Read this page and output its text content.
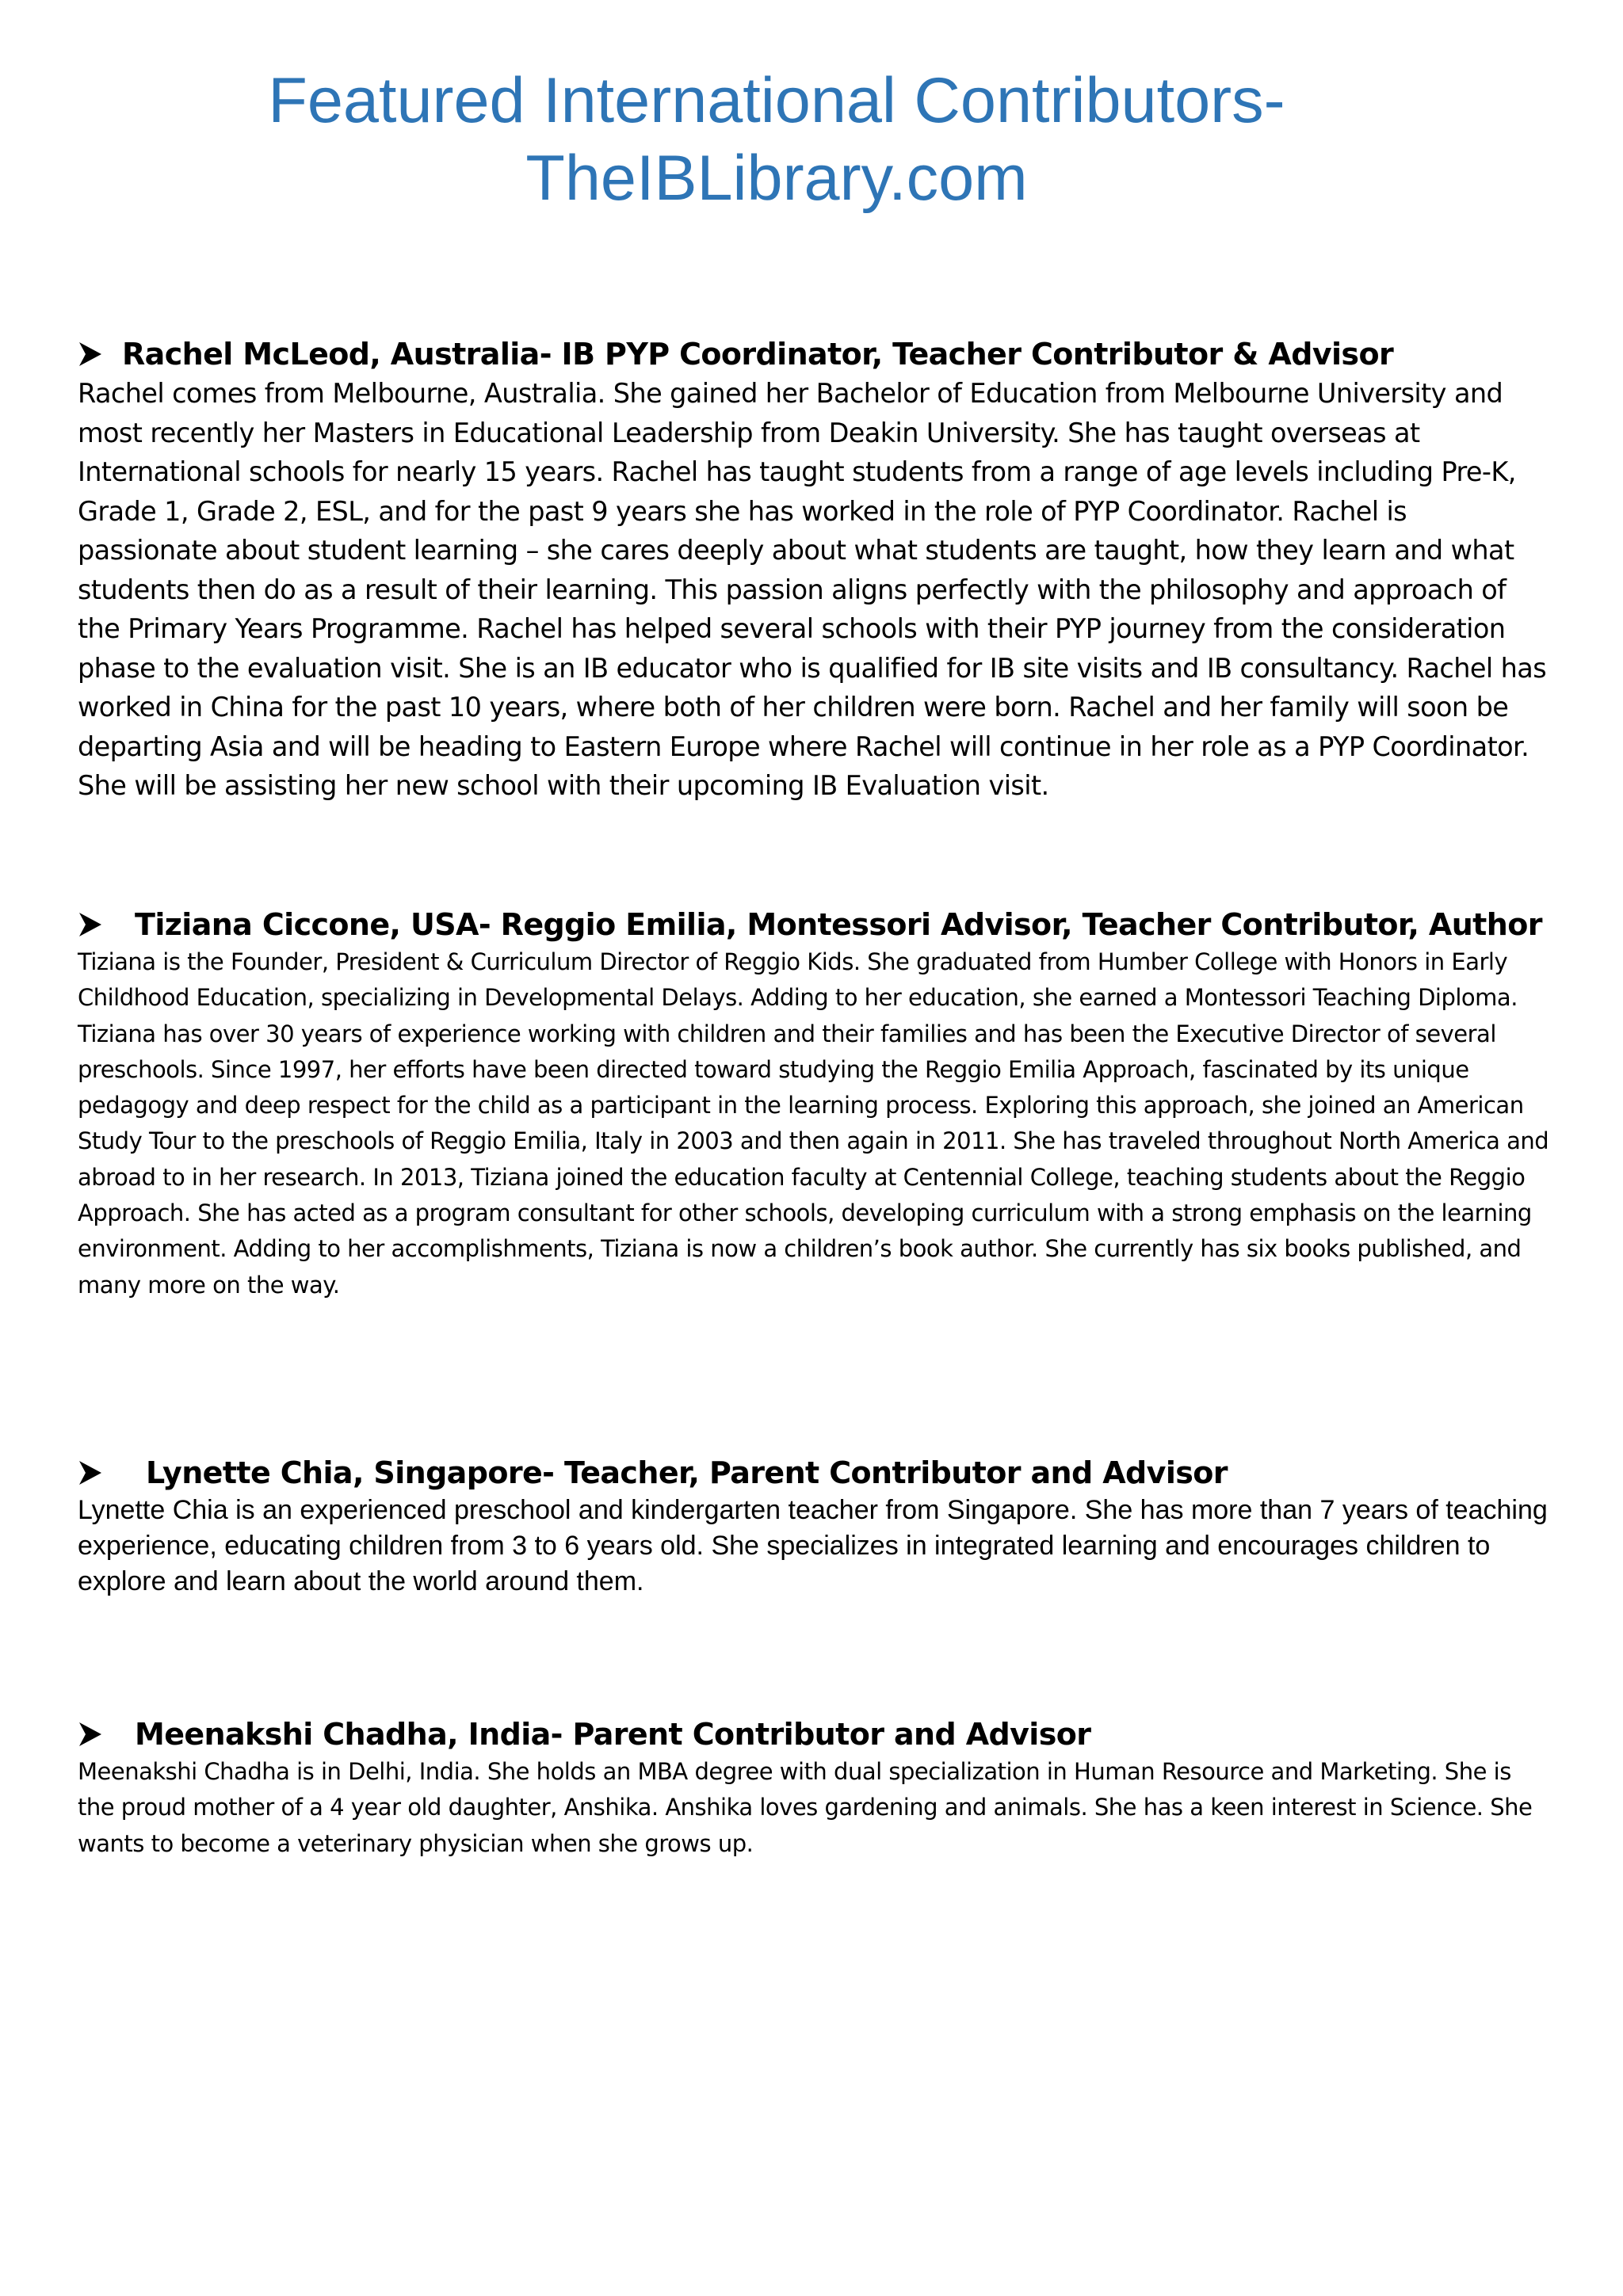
Featured International Contributors-
TheIBLibrary.com
Rachel McLeod, Australia- IB PYP Coordinator, Teacher Contributor & Advisor

Rachel comes from Melbourne, Australia. She gained her Bachelor of Education from Melbourne University and most recently her Masters in Educational Leadership from Deakin University. She has taught overseas at International schools for nearly 15 years. Rachel has taught students from a range of age levels including Pre-K, Grade 1, Grade 2, ESL, and for the past 9 years she has worked in the role of PYP Coordinator. Rachel is passionate about student learning – she cares deeply about what students are taught, how they learn and what students then do as a result of their learning. This passion aligns perfectly with the philosophy and approach of the Primary Years Programme. Rachel has helped several schools with their PYP journey from the consideration phase to the evaluation visit. She is an IB educator who is qualified for IB site visits and IB consultancy. Rachel has worked in China for the past 10 years, where both of her children were born. Rachel and her family will soon be departing Asia and will be heading to Eastern Europe where Rachel will continue in her role as a PYP Coordinator. She will be assisting her new school with their upcoming IB Evaluation visit.

Tiziana Ciccone, USA- Reggio Emilia, Montessori Advisor, Teacher Contributor, Author

Tiziana is the Founder, President & Curriculum Director of Reggio Kids. She graduated from Humber College with Honors in Early Childhood Education, specializing in Developmental Delays. Adding to her education, she earned a Montessori Teaching Diploma. Tiziana has over 30 years of experience working with children and their families and has been the Executive Director of several preschools. Since 1997, her efforts have been directed toward studying the Reggio Emilia Approach, fascinated by its unique pedagogy and deep respect for the child as a participant in the learning process. Exploring this approach, she joined an American Study Tour to the preschools of Reggio Emilia, Italy in 2003 and then again in 2011. She has traveled throughout North America and abroad to in her research. In 2013, Tiziana joined the education faculty at Centennial College, teaching students about the Reggio Approach. She has acted as a program consultant for other schools, developing curriculum with a strong emphasis on the learning environment. Adding to her accomplishments, Tiziana is now a children’s book author. She currently has six books published, and many more on the way.

Lynette Chia, Singapore- Teacher, Parent Contributor and Advisor

Lynette Chia is an experienced preschool and kindergarten teacher from Singapore. She has more than 7 years of teaching experience, educating children from 3 to 6 years old. She specializes in integrated learning and encourages children to explore and learn about the world around them.

Meenakshi Chadha, India- Parent Contributor and Advisor

Meenakshi Chadha is in Delhi, India. She holds an MBA degree with dual specialization in Human Resource and Marketing. She is the proud mother of a 4 year old daughter, Anshika. Anshika loves gardening and animals. She has a keen interest in Science. She wants to become a veterinary physician when she grows up.
